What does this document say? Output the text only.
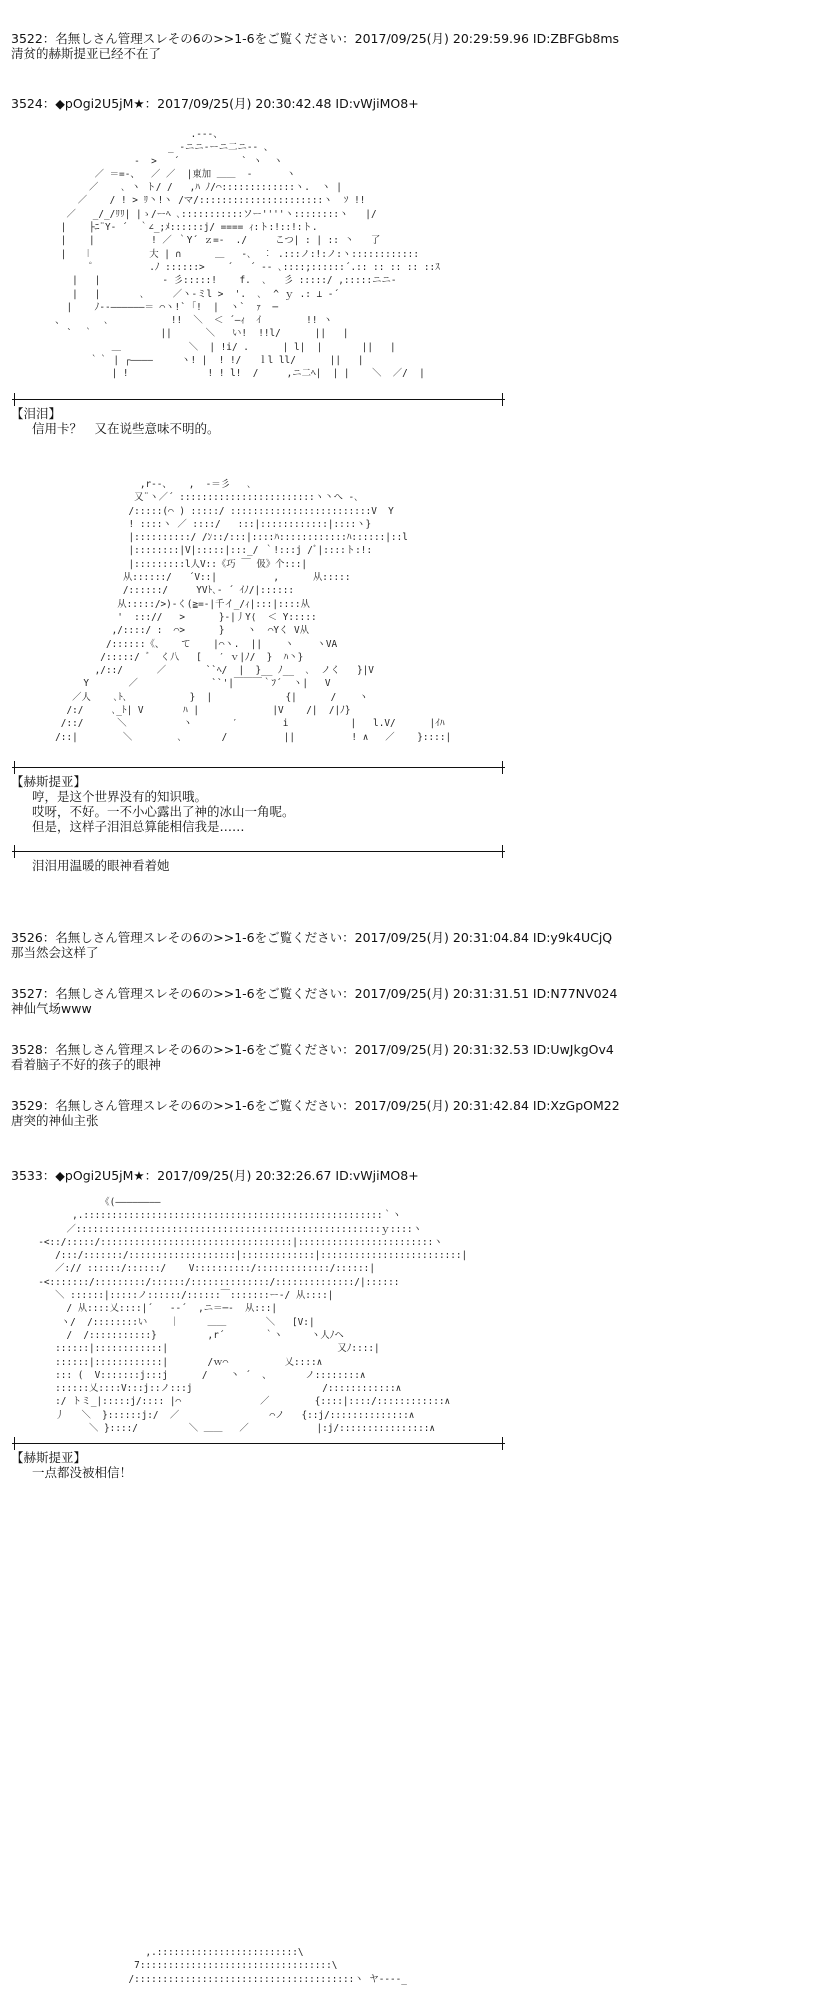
3522：名無しさん管理スレその6の>>1-6をご覧ください：2017/09/25(月) 20:29:59.96 ID:ZBFGb8ms
清贫的赫斯提亚已经不在了
3524：◆pOgi2U5jM★：2017/09/25(月) 20:30:42.48 ID:vWjiMO8+
.-‐-、
_ -ニニ‐ーニ二ニ‐- 、
-  >   ´           ` ヽ  ヽ
／ ＝=-、  ／ ／  |東加 ＿＿  -      ヽ
／    ､ ヽ ト/ /   ,ﾊ ﾉ/⌒:::::::::::::ヽ.  ヽ |
／    / ! > ﾘ丶!ヽ /マ/::::::::::::::::::::::ヽ  ｿ !!
／   _/_/ﾘﾘ| |ゝ/ーﾍ ､:::::::::::ソー''''ヽ::::::::ヽ   |/
|    ├ﾆ¨Y‐ ´  ｀∠_;ﾒ::::::j/ ==== ｨ:ト:!::!:ト.
|    |          ! ／ ｀Y´ ｚ=-  ./     こつ| : | :: 丶   了
|   ︱          大 | ∩      ＿   -､  ︰ .:::ノ:!:ノ:ヽ::::::::::::
゜         .ﾉ ::::::>    ´   ´ -‐ ､::::;::::::´.:: :: :: :: ::ｽ
|   |           ‐ 彡:::::!    f.  ､   彡 :::::/ ,:::::ニニ-
|   |       ､     ／ヽ-ミl >  '.  ､  ^ ｙ .: ⊥ -´
|    ﾉ‐‐――――――＝ ⌒ヽ!` ｢!  |  ヽ`  ｧ  ─
、       ､           !!  ＼  ＜ ´―ｨ  ｲ        !! ヽ
`  ｀            ||      ＼   い!  !!l/      ||   |
＿            ＼  | !i/ .      | l|  |       ||   |
｀｀ | ┌――――     ヽ! |  ! !/   ｌl ll/      ||   |
| !              ! ! l!  /     ,ニ二ﾍ|  | |    ＼  ／/  |
【泪泪】
信用卡？　又在说些意味不明的。
,r‐‐、   ,  ‐＝彡   ､
又¨ヽ／´ ::::::::::::::::::::::::ヽ丶へ ‐､
/:::::(⌒ ) :::::/ :::::::::::::::::::::::::V  Y
! ::::ヽ ／ ::::/   :::|::::::::::::|::::ヽ}
|::::::::::/ /ﾝ::/:::|::::ﾊ::::::::::::ﾊ::::::|::l
|::::::::|V|:::::|:::_/ ｀!:::j /ﾞ|::::ト:!:
|:::::::::l人V::《巧 ￣ 伋》个:::|
从::::::/   ´V::|          ,      从:::::
/::::::/     YVﾄ､‐ ´ ｲﾉ/|::::::
从:::::/>)‐く(≧=‐|千イ_/ｨ|:::|::::从
'  ::://   >      }-|丿Y⟨  ＜ Y:::::
,/::::/ :  ⌒>      }    ヽ  ⌒Yく V从
/::::::《、   て    |⌒ヽ.  ||    ヽ    ヽVA
/:::::/ ゛ く八   [   ′ ｖ|ﾉ/  }  ﾊ丶}
,/::/      ／       ``ﾍ/  |  }__ ﾉ__  ､  ノく   }|V
Y       ／             ``'|￣￣￣｀ﾌ´  ヽ|   V
／人    ､ﾄ､           }  |             {|      /    ヽ
/:/     ､_ﾄ| V       ﾊ |             |V    /|  /|ﾉ}
/::/      ＼          ヽ       ′        i           |   l.V/      |ｲﾊ
/::|        ＼        ､       /          ||          ! ∧   ／    }::::|
【赫斯提亚】
哼，是这个世界没有的知识哦。
哎呀，不好。一不小心露出了神的冰山一角呢。
但是，这样子泪泪总算能相信我是……
泪泪用温暖的眼神看着她
3526：名無しさん管理スレその6の>>1-6をご覧ください：2017/09/25(月) 20:31:04.84 ID:y9k4UCjQ
那当然会这样了
3527：名無しさん管理スレその6の>>1-6をご覧ください：2017/09/25(月) 20:31:31.51 ID:N77NV024
神仙气场www
3528：名無しさん管理スレその6の>>1-6をご覧ください：2017/09/25(月) 20:31:32.53 ID:UwJkgOv4
看着脑子不好的孩子的眼神
3529：名無しさん管理スレその6の>>1-6をご覧ください：2017/09/25(月) 20:31:42.84 ID:XzGpOM22
唐突的神仙主张
3533：◆pOgi2U5jM★：2017/09/25(月) 20:32:26.67 ID:vWjiMO8+
《(――――――――
,.:::::::::::::::::::::::::::::::::::::::::::::::::::::｀ヽ
／::::::::::::::::::::::::::::::::::::::::::::::::::::::ｙ::::ヽ
-<::/:::::/::::::::::::::::::::::::::::::::::|::::::::::::::::::::::::ヽ
/:::/:::::::/:::::::::::::::::::|:::::::::::::|:::::::::::::::::::::::::|
／:// ::::::/::::::/    V::::::::::/:::::::::::::/::::::|
-<:::::::/:::::::::/::::::/::::::::::::::/::::::::::::::/|::::::
＼ ::::::|:::::ノ::::::/::::::￣:::::::ー‐/ 从::::|
/ 从::::乂::::|´   ‐‐´  ,ニ＝─‐  从:::|
ヽ/  /::::::::い    ｜     ＿＿       ＼   [V:|
/  /:::::::::::}         ,r´       ｀ヽ     ヽ人ﾉヘ
::::::|::::::::::::|                              又ﾉ::::|
::::::|::::::::::::|       /ｗ⌒          乂::::∧
::: (  V:::::::j:::j      /    丶 ´  、      ノ::::::::∧
::::::乂::::V:::j::ノ:::j                       /::::::::::::∧
:/ トミ_|:::::j/:::: |⌒              ／        {::::|::::/::::::::::::∧
丿   ＼  }::::::j:/  ／                ⌒ノ   {::j/::::::::::::::∧
＼ }::::/         ＼ ＿＿   ／            |:j/::::::::::::::::∧
【赫斯提亚】
一点都没被相信！
,.:::::::::::::::::::::::::\
7::::::::::::::::::::::::::::::::::\
/:::::::::::::::::::::::::::::::::::::::ヽ ヤ‐‐‐‐_
